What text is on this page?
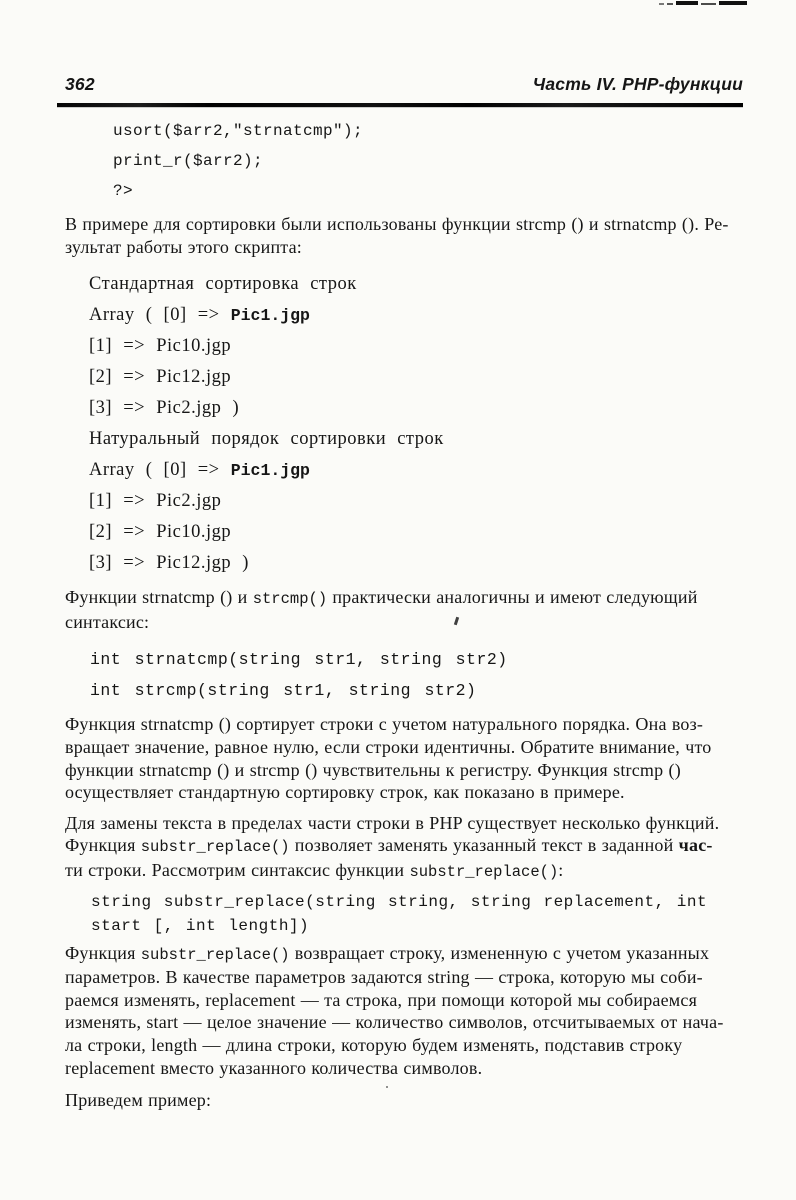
362	Часть IV. PHP-функции
usort($arr2,"strnatcmp");
print_r($arr2);
?>
В примере для сортировки были использованы функции strcmp () и strnatcmp (). Ре-
зультат работы этого скрипта:
Стандартная сортировка строк
Array ( [0] => Pic1.jgp
[1] => Pic10.jgp
[2] => Pic12.jgp
[3] => Pic2.jgp )
Натуральный порядок сортировки строк
Array ( [0] => Pic1.jgp
[1] => Pic2.jgp
[2] => Pic10.jgp
[3] => Pic12.jgp )
Функции strnatcmp () и strcmp() практически аналогичны и имеют следующий
синтаксис:
int strnatcmp(string str1, string str2)
int strcmp(string str1, string str2)
Функция strnatcmp () сортирует строки с учетом натурального порядка. Она воз-
вращает значение, равное нулю, если строки идентичны. Обратите внимание, что
функции strnatcmp () и strcmp () чувствительны к регистру. Функция strcmp ()
осуществляет стандартную сортировку строк, как показано в примере.
Для замены текста в пределах части строки в PHP существует несколько функций.
Функция substr_replace() позволяет заменять указанный текст в заданной час-
ти строки. Рассмотрим синтаксис функции substr_replace():
string substr_replace(string string, string replacement, int
start [, int length])
Функция substr_replace() возвращает строку, измененную с учетом указанных
параметров. В качестве параметров задаются string — строка, которую мы соби-
раемся изменять, replacement — та строка, при помощи которой мы собираемся
изменять, start — целое значение — количество символов, отсчитываемых от нача-
ла строки, length — длина строки, которую будем изменять, подставив строку
replacement вместо указанного количества символов.
Приведем пример:
